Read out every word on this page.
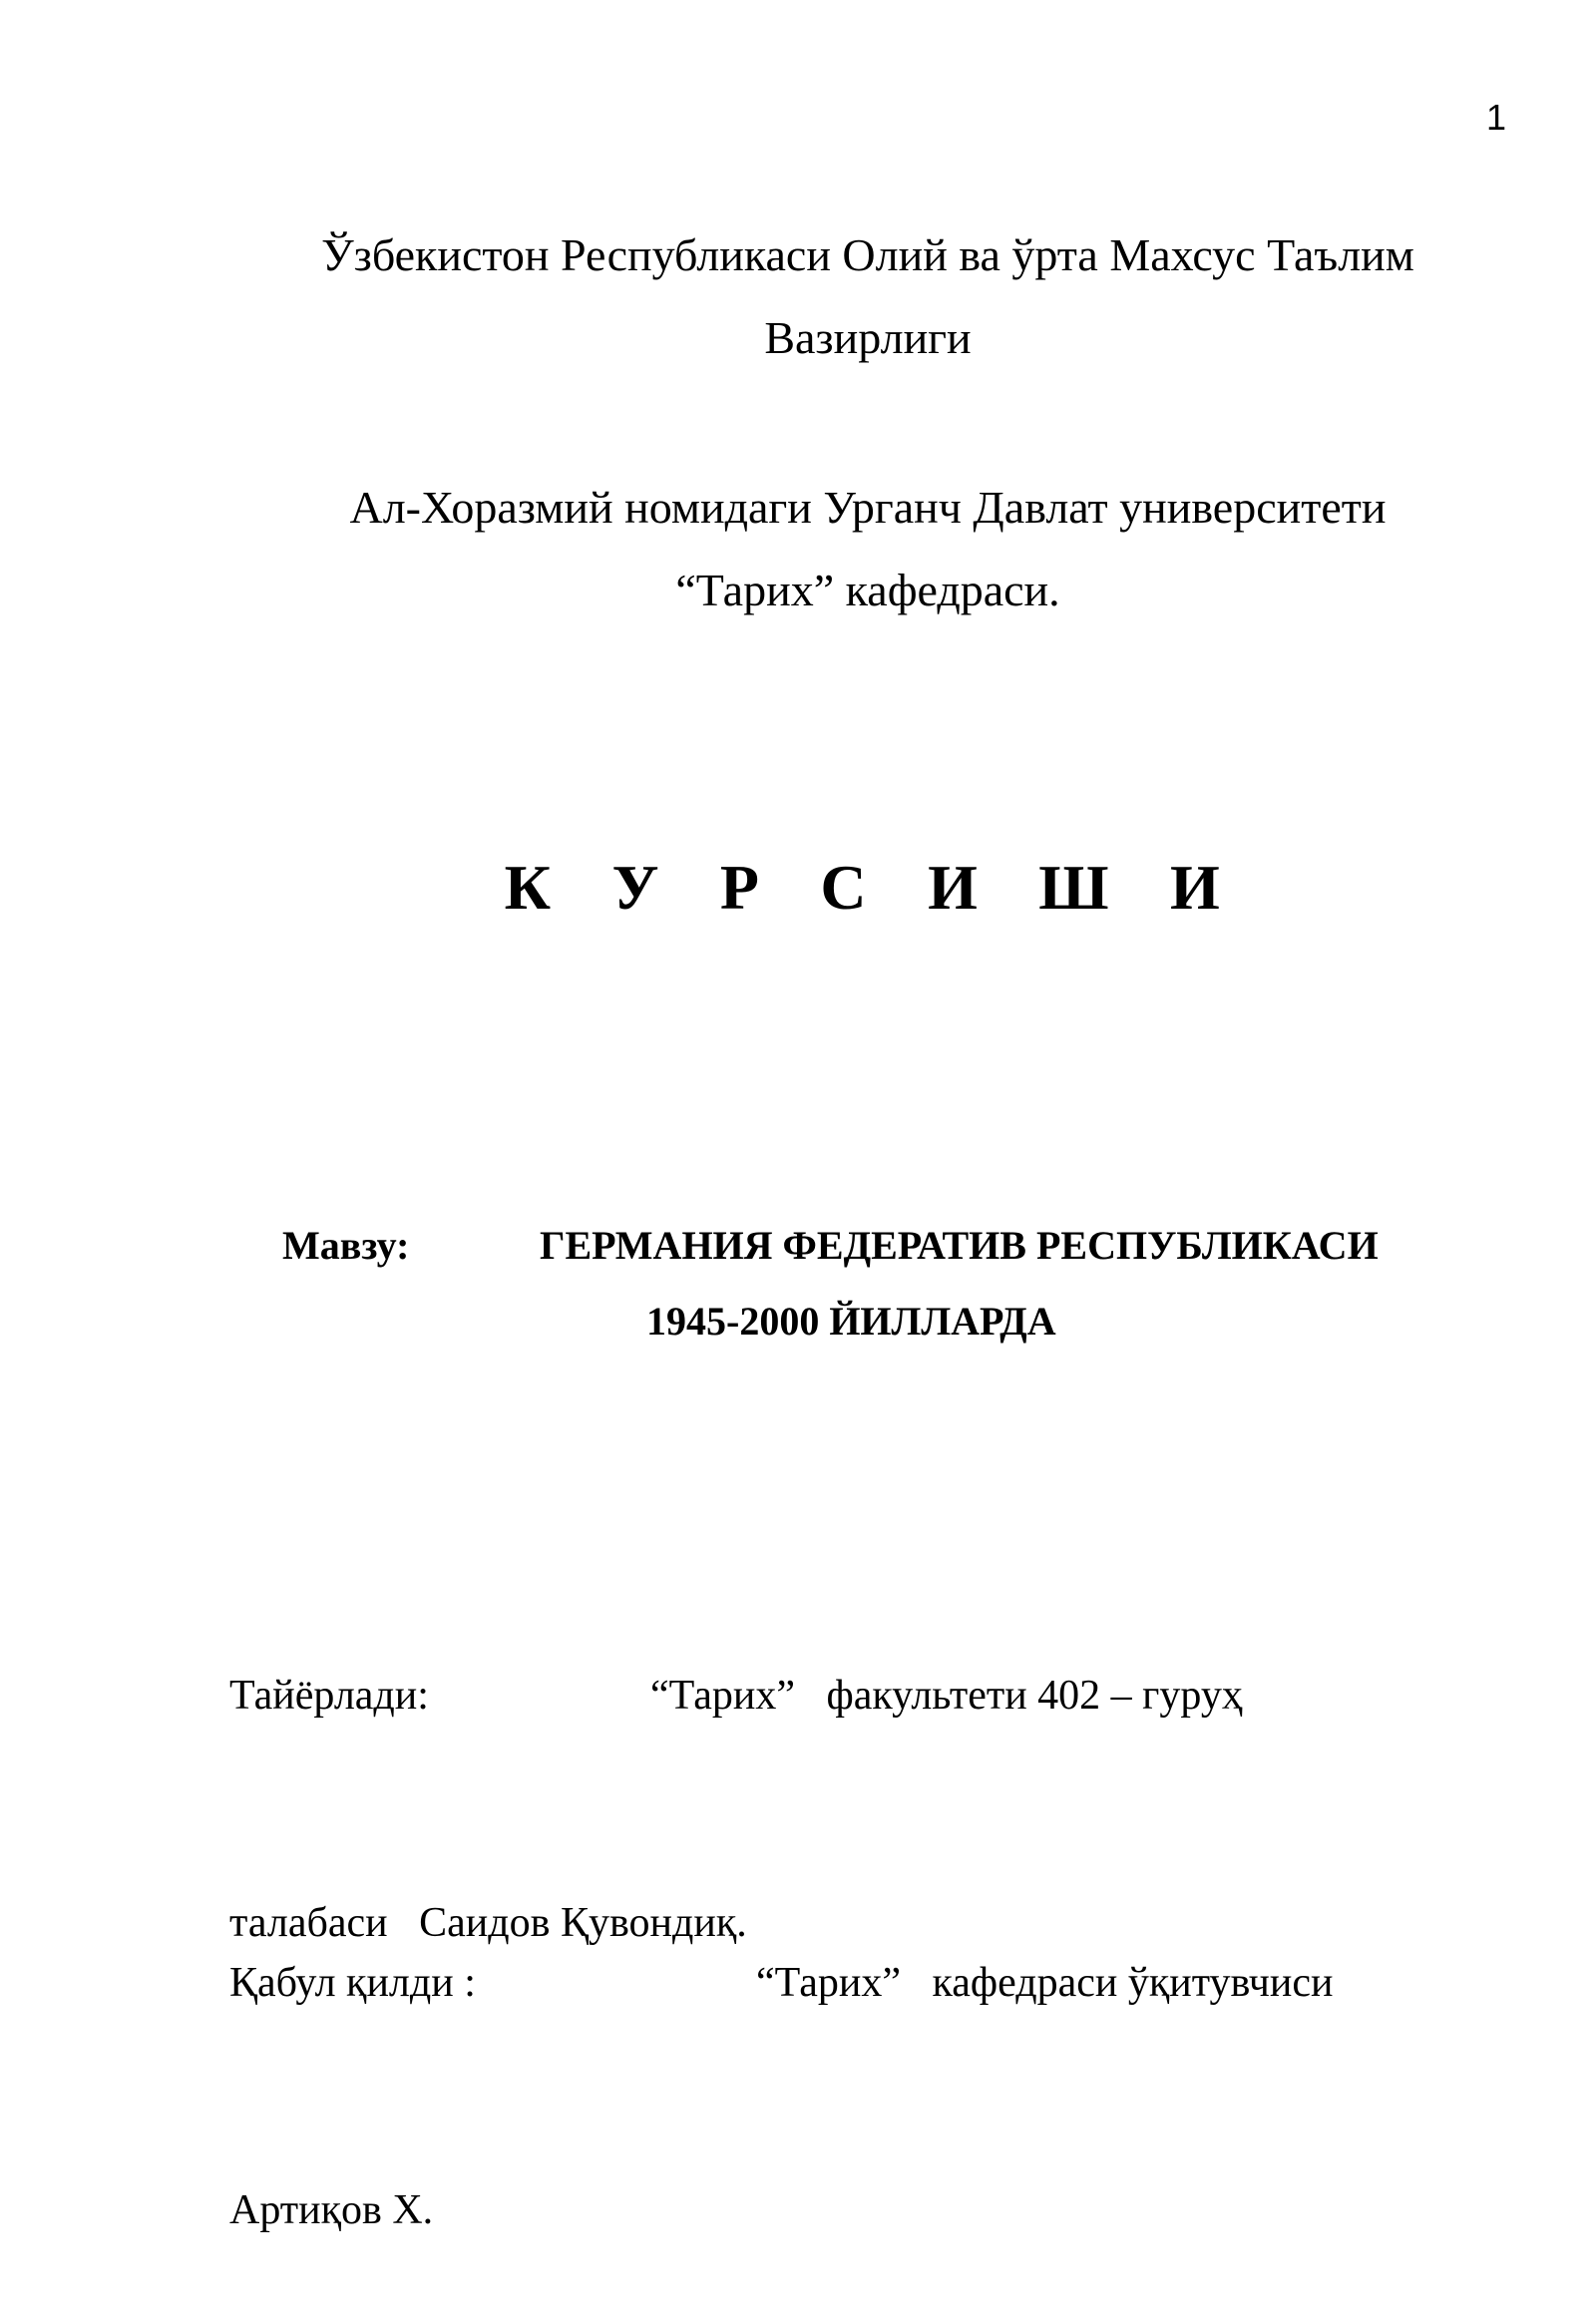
1
Ўзбекистон Республикаси Олий ва ўрта Махсус Таълим
Вазирлиги
Ал-Хоразмий номидаги Урганч Давлат университети
“Тарих” кафедраси.
К У Р С И Ш И
Мавзу:	ГЕРМАНИЯ ФЕДЕРАТИВ РЕСПУБЛИКАСИ
1945-2000 ЙИЛЛАРДА

Тайёрлади:	“Тарих”   факультети 402 – гуруҳ

талабаси   Саидов Қувондиқ.

Қабул қилди :	“Тарих”   кафедраси ўқитувчиси

Артиқов Х.
